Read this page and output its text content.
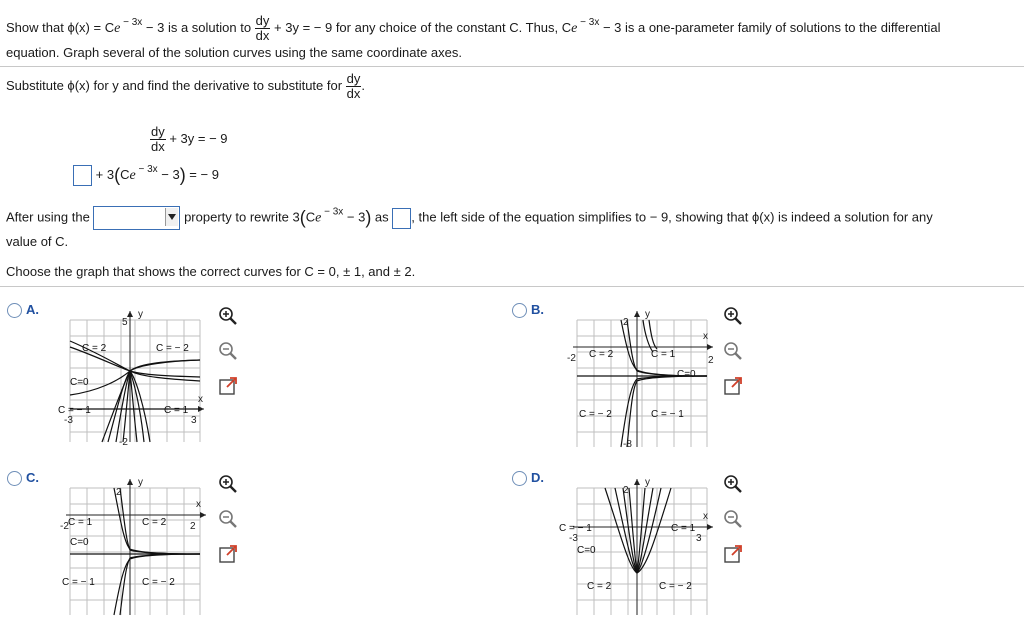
Show that ϕ(x) = Ce $^{- 3x}$ − 3 is a solution to $\frac{dy}{dx} + 3y$ = − 9 for any choice of the constant C. Thus, Ce $^{- 3x}$ − 3 is a one-parameter family of solutions to the differential
equation. Graph several of the solution curves using the same coordinate axes.
Substitute ϕ(x) for y and find the derivative to substitute for $\frac{dy}{dx}$ .
$\frac{dy}{dx} + 3y$ = − 9
+ 3(Ce $^{- 3x}$ − 3) = − 9
After using the	property to rewrite 3(Ce $^{- 3x}$ − 3) as , the left side of the equation simplifies to − 9, showing that ϕ(x) is indeed a solution for any
value of C.
Choose the graph that shows the correct curves for C = 0, ± 1, and ± 2.
A.	B.
C.	D.
5
-2
y
x
-3	3
C = 2	C = − 2
C=0
C = − 1	C = 1
2
-8
y
x
-2	2
C = 2	C = 1
C=0
C = − 2	C = − 1
2
y
x
-2	2
C = 1	C = 2
C=0
C = − 1	C = − 2
2
y
x
-3	3
C = − 1	C = 1
C=0
C = 2	C = − 2
